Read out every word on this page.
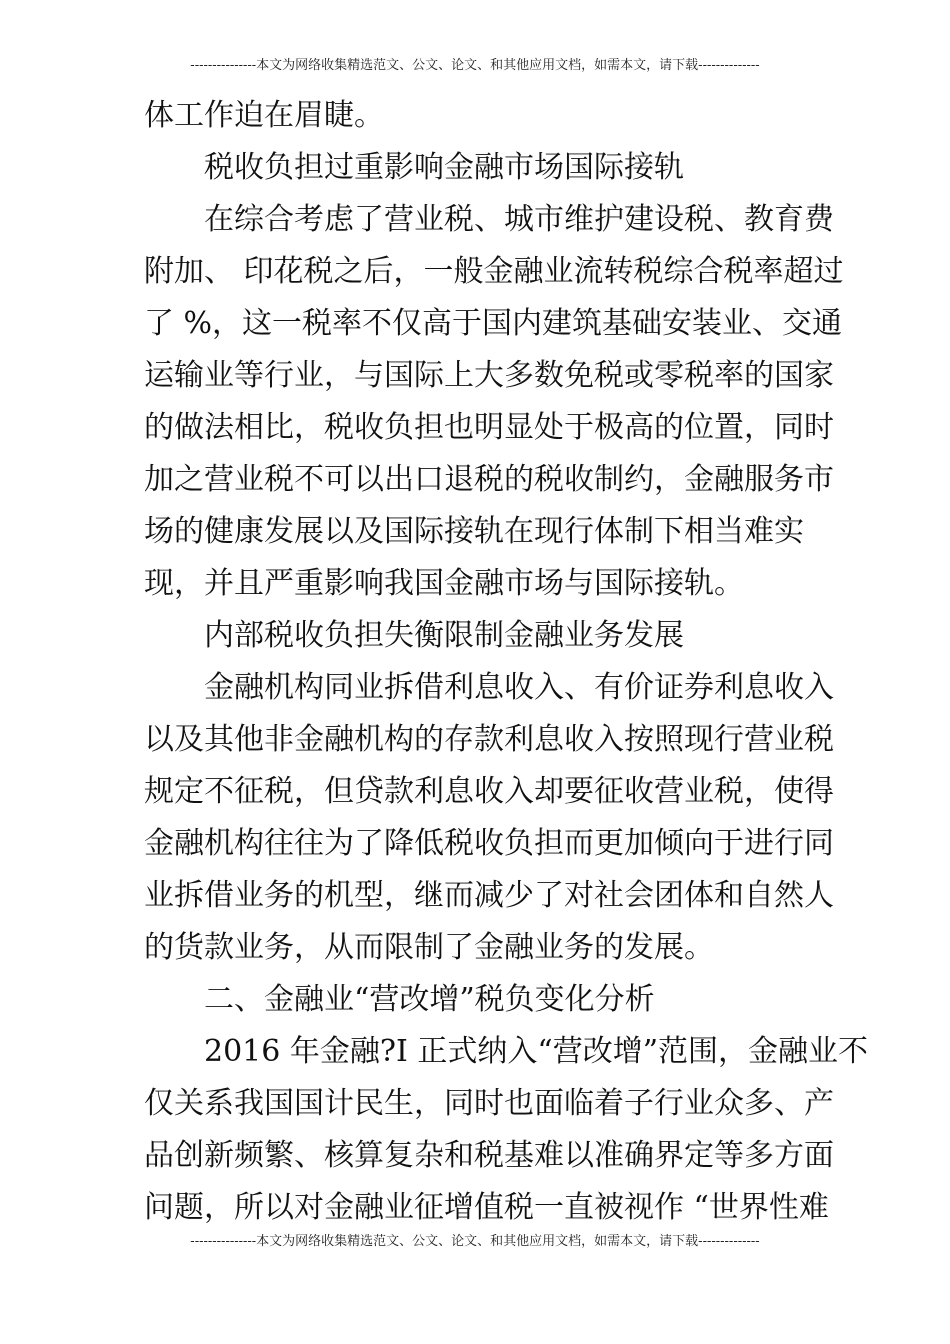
---------------本文为网络收集精选范文、公文、论文、和其他应用文档，如需本文，请下载--------------
体工作迫在眉睫。
税收负担过重影响金融市场国际接轨
在综合考虑了营业税、城市维护建设税、教育费
附加、 印花税之后，一般金融业流转税综合税率超过
了 %，这一税率不仅高于国内建筑基础安装业、交通
运输业等行业，与国际上大多数免税或零税率的国家
的做法相比，税收负担也明显处于极高的位置，同时
加之营业税不可以出口退税的税收制约，金融服务市
场的健康发展以及国际接轨在现行体制下相当难实
现，并且严重影响我国金融市场与国际接轨。
内部税收负担失衡限制金融业务发展
金融机构同业拆借利息收入、有价证券利息收入
以及其他非金融机构的存款利息收入按照现行营业税
规定不征税，但贷款利息收入却要征收营业税，使得
金融机构往往为了降低税收负担而更加倾向于进行同
业拆借业务的机型，继而减少了对社会团体和自然人
的货款业务，从而限制了金融业务的发展。
二、金融业“营改增”税负变化分析
2016 年金融?I 正式纳入“营改增”范围，金融业不
仅关系我国国计民生，同时也面临着子行业众多、产
品创新频繁、核算复杂和税基难以准确界定等多方面
问题，所以对金融业征增值税一直被视作 “世界性难
---------------本文为网络收集精选范文、公文、论文、和其他应用文档，如需本文，请下载--------------
